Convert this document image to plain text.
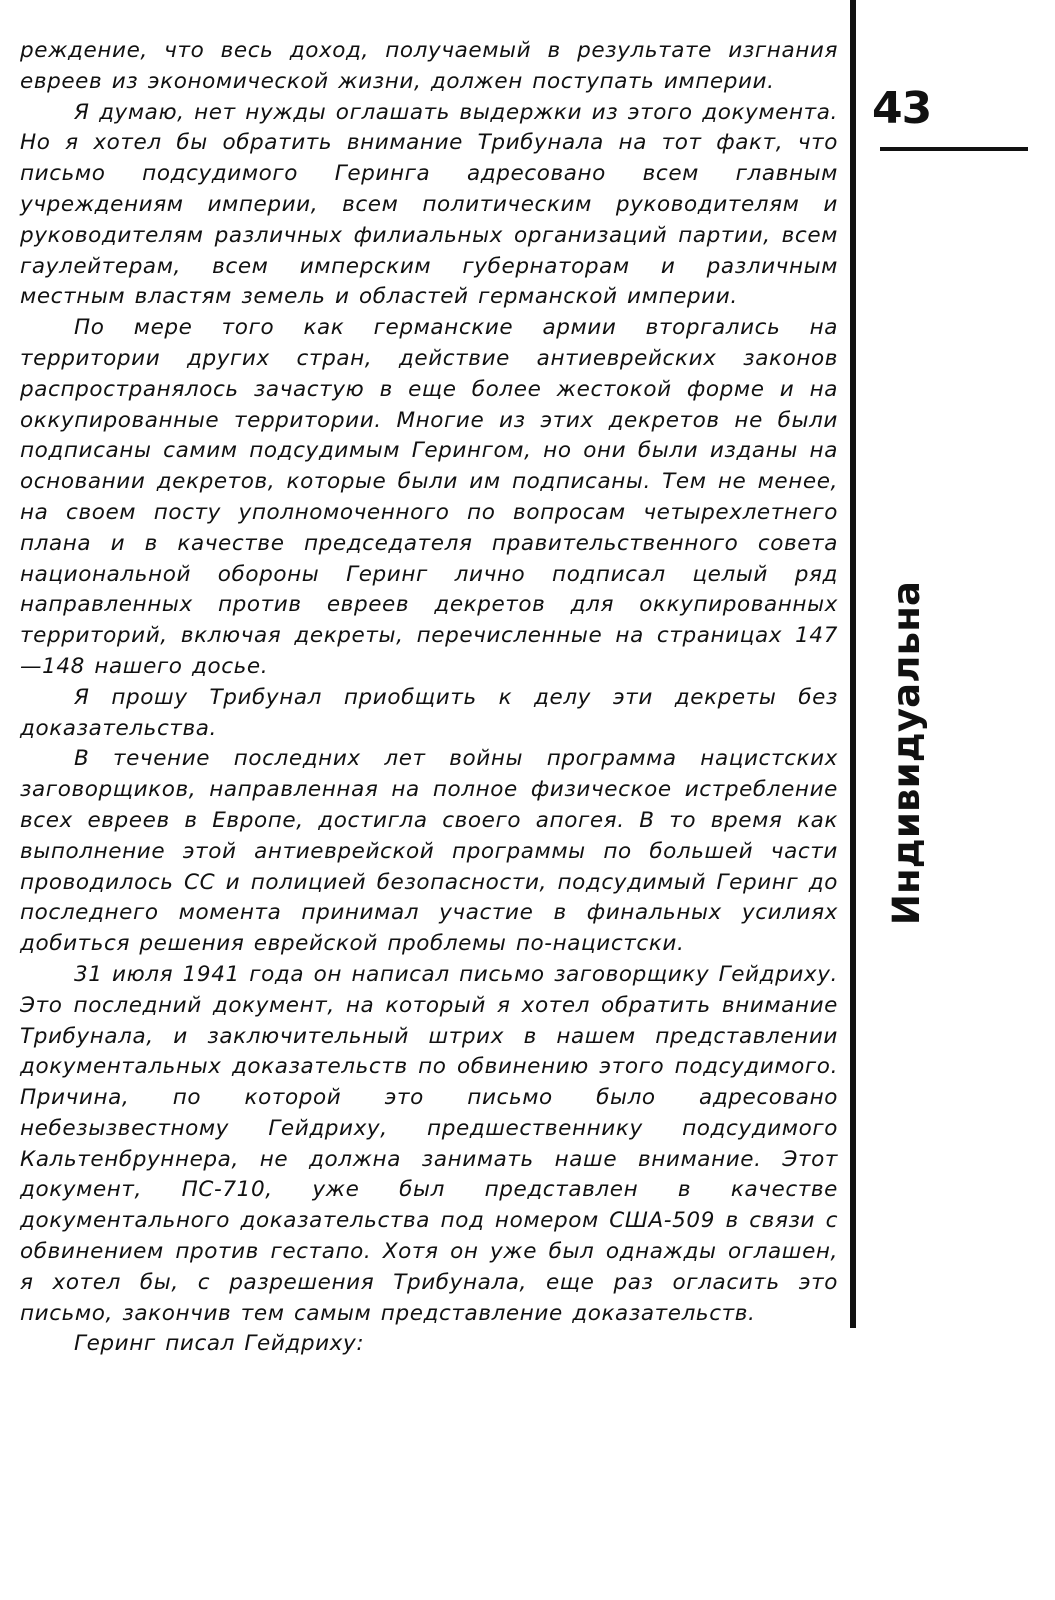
реждение, что весь доход, получаемый в результате изгнания евреев из экономической жизни, должен поступать империи.

Я думаю, нет нужды оглашать выдержки из этого документа. Но я хотел бы обратить внимание Трибунала на тот факт, что письмо подсудимого Геринга адресовано всем главным учреждениям империи, всем политическим руководителям и руководителям различных филиальных организаций партии, всем гаулейтерам, всем имперским губернаторам и различным местным властям земель и областей германской империи.

По мере того как германские армии вторгались на территории других стран, действие антиеврейских законов распространялось зачастую в еще более жестокой форме и на оккупированные территории. Многие из этих декретов не были подписаны самим подсудимым Герингом, но они были изданы на основании декретов, которые были им подписаны. Тем не менее, на своем посту уполномоченного по вопросам четырехлетнего плана и в качестве председателя правительственного совета национальной обороны Геринг лично подписал целый ряд направленных против евреев декретов для оккупированных территорий, включая декреты, перечисленные на страницах 147—148 нашего досье.

Я прошу Трибунал приобщить к делу эти декреты без доказательства.

В течение последних лет войны программа нацистских заговорщиков, направленная на полное физическое истребление всех евреев в Европе, достигла своего апогея. В то время как выполнение этой антиеврейской программы по большей части проводилось СС и полицией безопасности, подсудимый Геринг до последнего момента принимал участие в финальных усилиях добиться решения еврейской проблемы по-нацистски.

31 июля 1941 года он написал письмо заговорщику Гейдриху. Это последний документ, на который я хотел обратить внимание Трибунала, и заключительный штрих в нашем представлении документальных доказательств по обвинению этого подсудимого. Причина, по которой это письмо было адресовано небезызвестному Гейдриху, предшественнику подсудимого Кальтенбруннера, не должна занимать наше внимание. Этот документ, ПС-710, уже был представлен в качестве документального доказательства под номером США-509 в связи с обвинением против гестапо. Хотя он уже был однажды оглашен, я хотел бы, с разрешения Трибунала, еще раз огласить это письмо, закончив тем самым представление доказательств.

Геринг писал Гейдриху:

43
Индивидуальна
